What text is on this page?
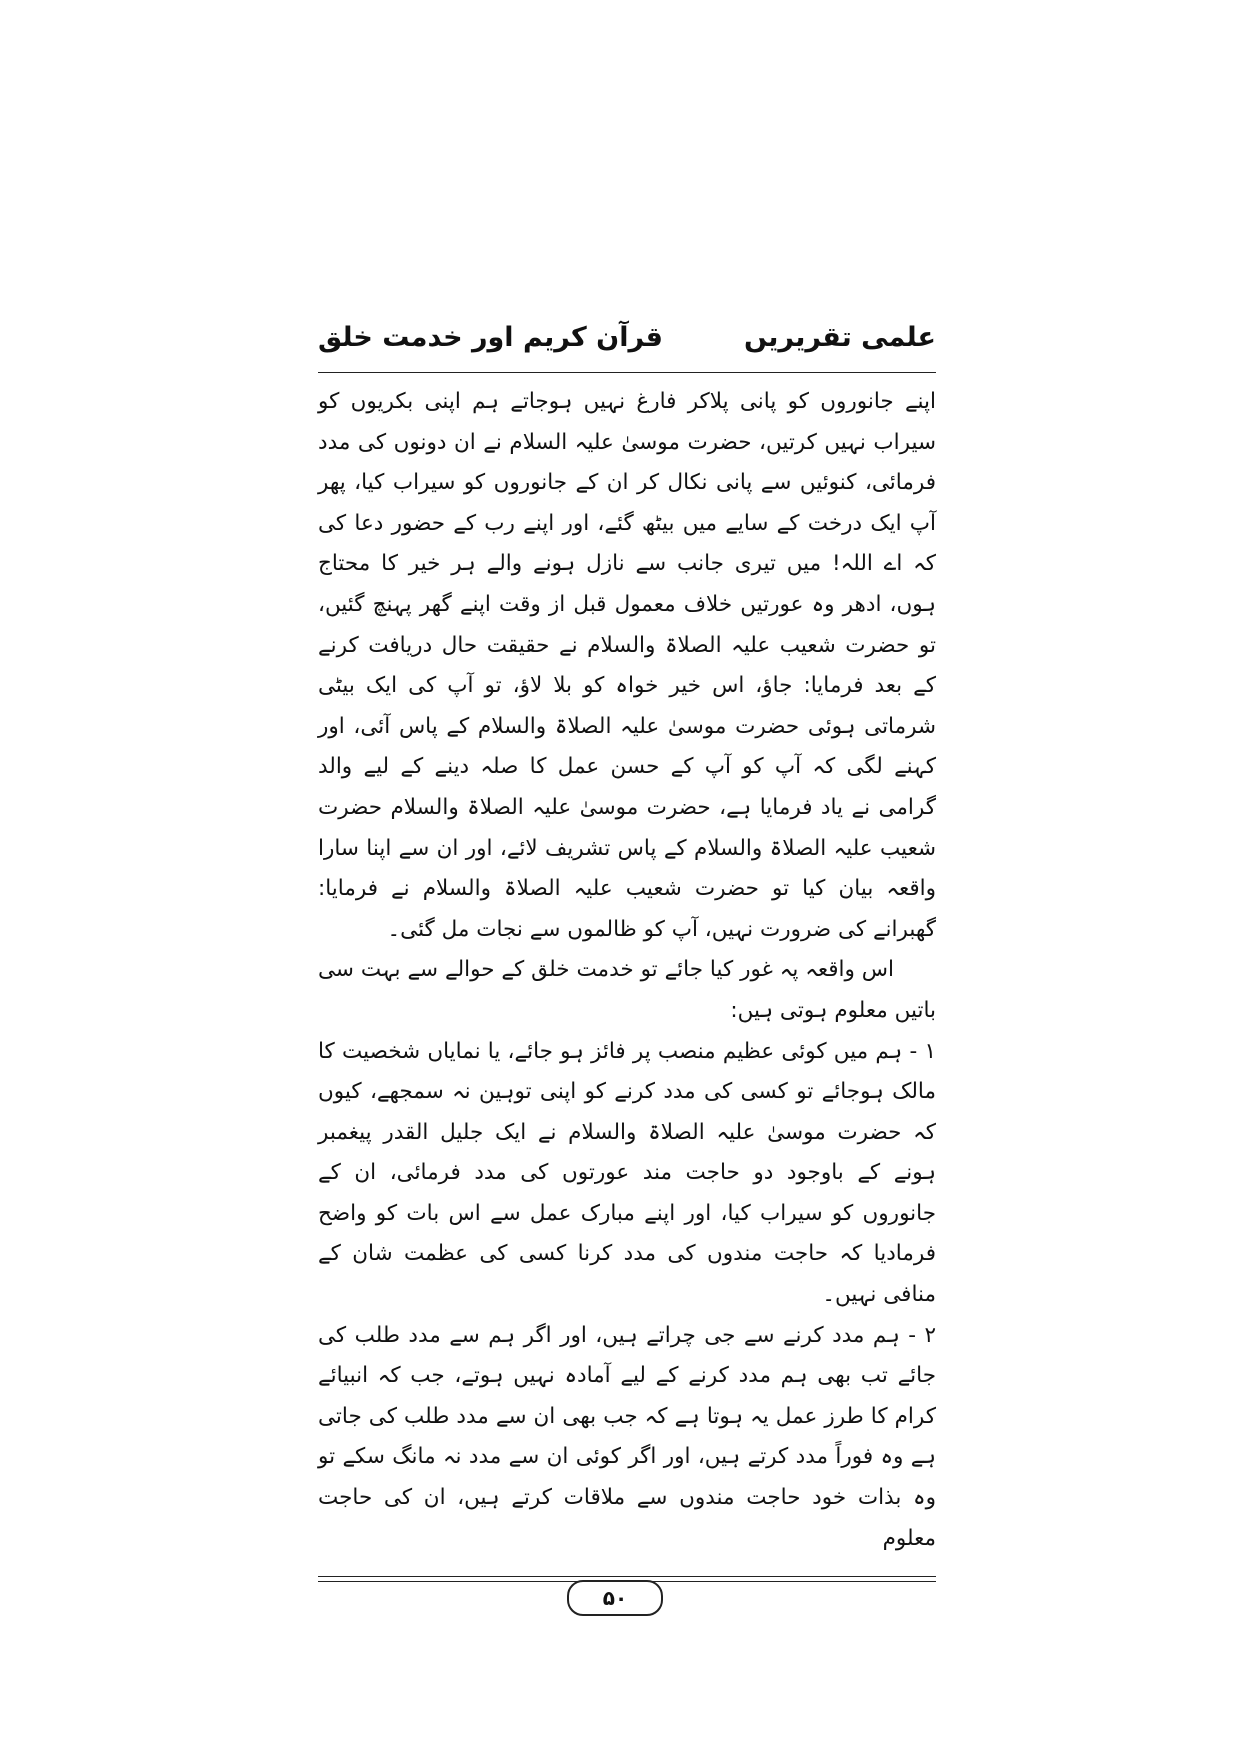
علمی تقریریں
قرآن کریم اور خدمت خلق

اپنے جانوروں کو پانی پلاکر فارغ نہیں ہوجاتے ہم اپنی بکریوں کو سیراب نہیں کرتیں، حضرت موسیٰ علیہ السلام نے ان دونوں کی مدد فرمائی، کنوئیں سے پانی نکال کر ان کے جانوروں کو سیراب کیا، پھر آپ ایک درخت کے سایے میں بیٹھ گئے، اور اپنے رب کے حضور دعا کی کہ اے اللہ! میں تیری جانب سے نازل ہونے والے ہر خیر کا محتاج ہوں، ادھر وہ عورتیں خلاف معمول قبل از وقت اپنے گھر پہنچ گئیں، تو حضرت شعیب علیہ الصلاۃ والسلام نے حقیقت حال دریافت کرنے کے بعد فرمایا: جاؤ، اس خیر خواہ کو بلا لاؤ، تو آپ کی ایک بیٹی شرماتی ہوئی حضرت موسیٰ علیہ الصلاۃ والسلام کے پاس آئی، اور کہنے لگی کہ آپ کو آپ کے حسن عمل کا صلہ دینے کے لیے والد گرامی نے یاد فرمایا ہے، حضرت موسیٰ علیہ الصلاۃ والسلام حضرت شعیب علیہ الصلاۃ والسلام کے پاس تشریف لائے، اور ان سے اپنا سارا واقعہ بیان کیا تو حضرت شعیب علیہ الصلاۃ والسلام نے فرمایا: گھبرانے کی ضرورت نہیں، آپ کو ظالموں سے نجات مل گئی۔

اس واقعہ پہ غور کیا جائے تو خدمت خلق کے حوالے سے بہت سی باتیں معلوم ہوتی ہیں:

۱ - ہم میں کوئی عظیم منصب پر فائز ہو جائے، یا نمایاں شخصیت کا مالک ہوجائے تو کسی کی مدد کرنے کو اپنی توہین نہ سمجھے، کیوں کہ حضرت موسیٰ علیہ الصلاۃ والسلام نے ایک جلیل القدر پیغمبر ہونے کے باوجود دو حاجت مند عورتوں کی مدد فرمائی، ان کے جانوروں کو سیراب کیا، اور اپنے مبارک عمل سے اس بات کو واضح فرمادیا کہ حاجت مندوں کی مدد کرنا کسی کی عظمت شان کے منافی نہیں۔

۲ - ہم مدد کرنے سے جی چراتے ہیں، اور اگر ہم سے مدد طلب کی جائے تب بھی ہم مدد کرنے کے لیے آمادہ نہیں ہوتے، جب کہ انبیائے کرام کا طرز عمل یہ ہوتا ہے کہ جب بھی ان سے مدد طلب کی جاتی ہے وہ فوراً مدد کرتے ہیں، اور اگر کوئی ان سے مدد نہ مانگ سکے تو وہ بذات خود حاجت مندوں سے ملاقات کرتے ہیں، ان کی حاجت معلوم

۵۰
